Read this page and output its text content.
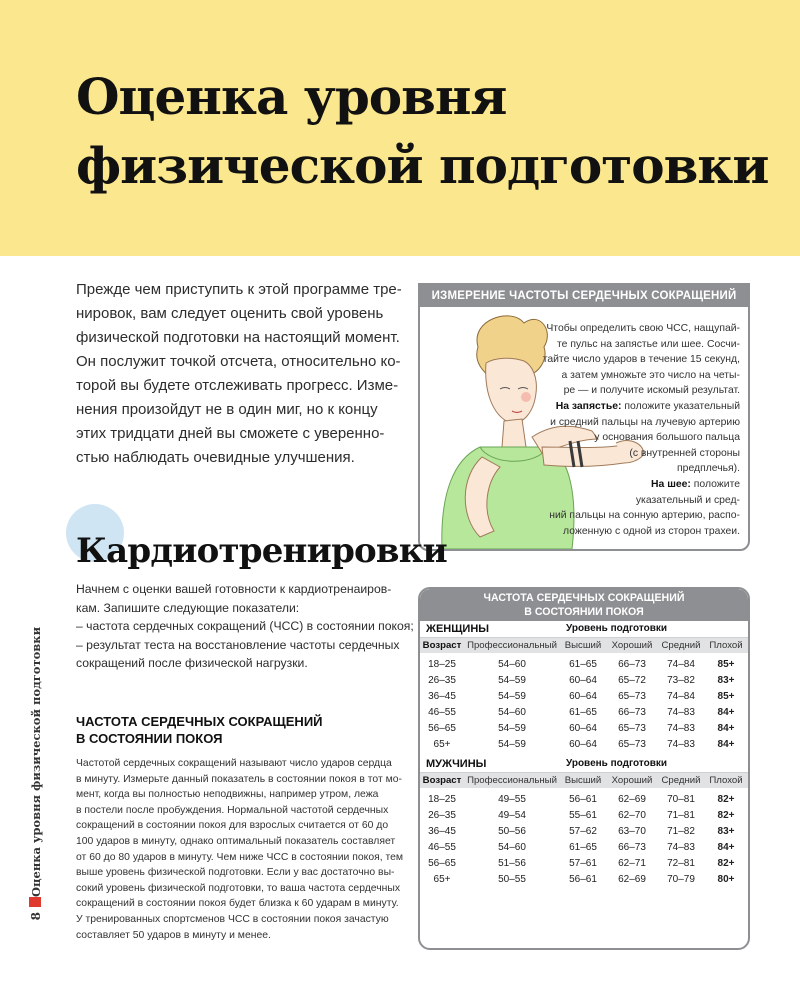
Оценка уровня
физической подготовки
Прежде чем приступить к этой программе тре-
нировок, вам следует оценить свой уровень
физической подготовки на настоящий момент.
Он послужит точкой отсчета, относительно ко-
торой вы будете отслеживать прогресс. Изме-
нения произойдут не в один миг, но к концу
этих тридцати дней вы сможете с уверенно-
стью наблюдать очевидные улучшения.
ИЗМЕРЕНИЕ ЧАСТОТЫ СЕРДЕЧНЫХ СОКРАЩЕНИЙ
Чтобы определить свою ЧСС, нащупай-
те пульс на запястье или шее. Сосчи-
тайте число ударов в течение 15 секунд,
а затем умножьте это число на четы-
ре — и получите искомый результат.
На запястье: положите указательный
и средний пальцы на лучевую артерию
у основания большого пальца
(с внутренней стороны
предплечья).
На шее: положите
указательный и сред-
ний пальцы на сонную артерию, распо-
ложенную с одной из сторон трахеи.
Кардиотренировки
Начнем с оценки вашей готовности к кардиотренаиров-
кам. Запишите следующие показатели:
– частота сердечных сокращений (ЧСС) в состоянии покоя;
– результат теста на восстановление частоты сердечных
сокращений после физической нагрузки.
ЧАСТОТА СЕРДЕЧНЫХ СОКРАЩЕНИЙ
В СОСТОЯНИИ ПОКОЯ
Частотой сердечных сокращений называют число ударов сердца
в минуту. Измерьте данный показатель в состоянии покоя в тот мо-
мент, когда вы полностью неподвижны, например утром, лежа
в постели после пробуждения. Нормальной частотой сердечных
сокращений в состоянии покоя для взрослых считается от 60 до
100 ударов в минуту, однако оптимальный показатель составляет
от 60 до 80 ударов в минуту. Чем ниже ЧСС в состоянии покоя, тем
выше уровень физической подготовки. Если у вас достаточно вы-
сокий уровень физической подготовки, то ваша частота сердечных
сокращений в состоянии покоя будет близка к 60 ударам в минуту.
У тренированных спортсменов ЧСС в состоянии покоя зачастую
составляет 50 ударов в минуту и менее.
Оценка уровня физической подготовки
8
ЧАСТОТА СЕРДЕЧНЫХ СОКРАЩЕНИЙ
В СОСТОЯНИИ ПОКОЯ
ЖЕНЩИНЫ	Уровень подготовки
Возраст	Профессиональный	Высший	Хороший	Средний	Плохой
18–25	54–60	61–65	66–73	74–84	85+
26–35	54–59	60–64	65–72	73–82	83+
36–45	54–59	60–64	65–73	74–84	85+
46–55	54–60	61–65	66–73	74–83	84+
56–65	54–59	60–64	65–73	74–83	84+
65+	54–59	60–64	65–73	74–83	84+
МУЖЧИНЫ	Уровень подготовки
Возраст	Профессиональный	Высший	Хороший	Средний	Плохой
18–25	49–55	56–61	62–69	70–81	82+
26–35	49–54	55–61	62–70	71–81	82+
36–45	50–56	57–62	63–70	71–82	83+
46–55	54–60	61–65	66–73	74–83	84+
56–65	51–56	57–61	62–71	72–81	82+
65+	50–55	56–61	62–69	70–79	80+
